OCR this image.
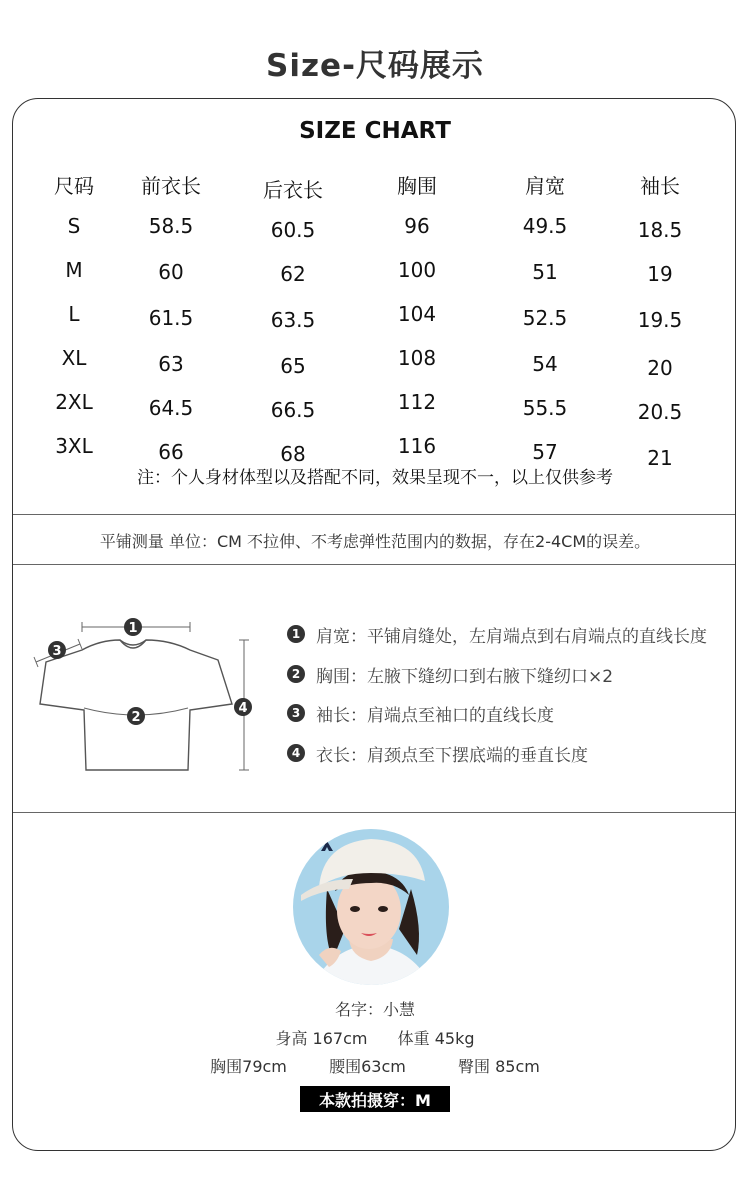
Size-尺码展示
SIZE CHART
尺码	前衣长	后衣长	胸围	肩宽	袖长
S	58.5	60.5	96	49.5	18.5
M	60	62	100	51	19
L	61.5	63.5	104	52.5	19.5
XL	63	65	108	54	20
2XL	64.5	66.5	112	55.5	20.5
3XL	66	68	116	57	21
注：个人身材体型以及搭配不同，效果呈现不一，以上仅供参考
平铺测量 单位：CM 不拉伸、不考虑弹性范围内的数据，存在2-4CM的误差。
1
2
3
4
1 肩宽：平铺肩缝处，左肩端点到右肩端点的直线长度
2 胸围：左腋下缝纫口到右腋下缝纫口×2
3 袖长：肩端点至袖口的直线长度
4 衣长：肩颈点至下摆底端的垂直长度
名字：小慧
身高 167cm 体重 45kg
胸围79cm	腰围63cm	臀围 85cm
本款拍摄穿：M
